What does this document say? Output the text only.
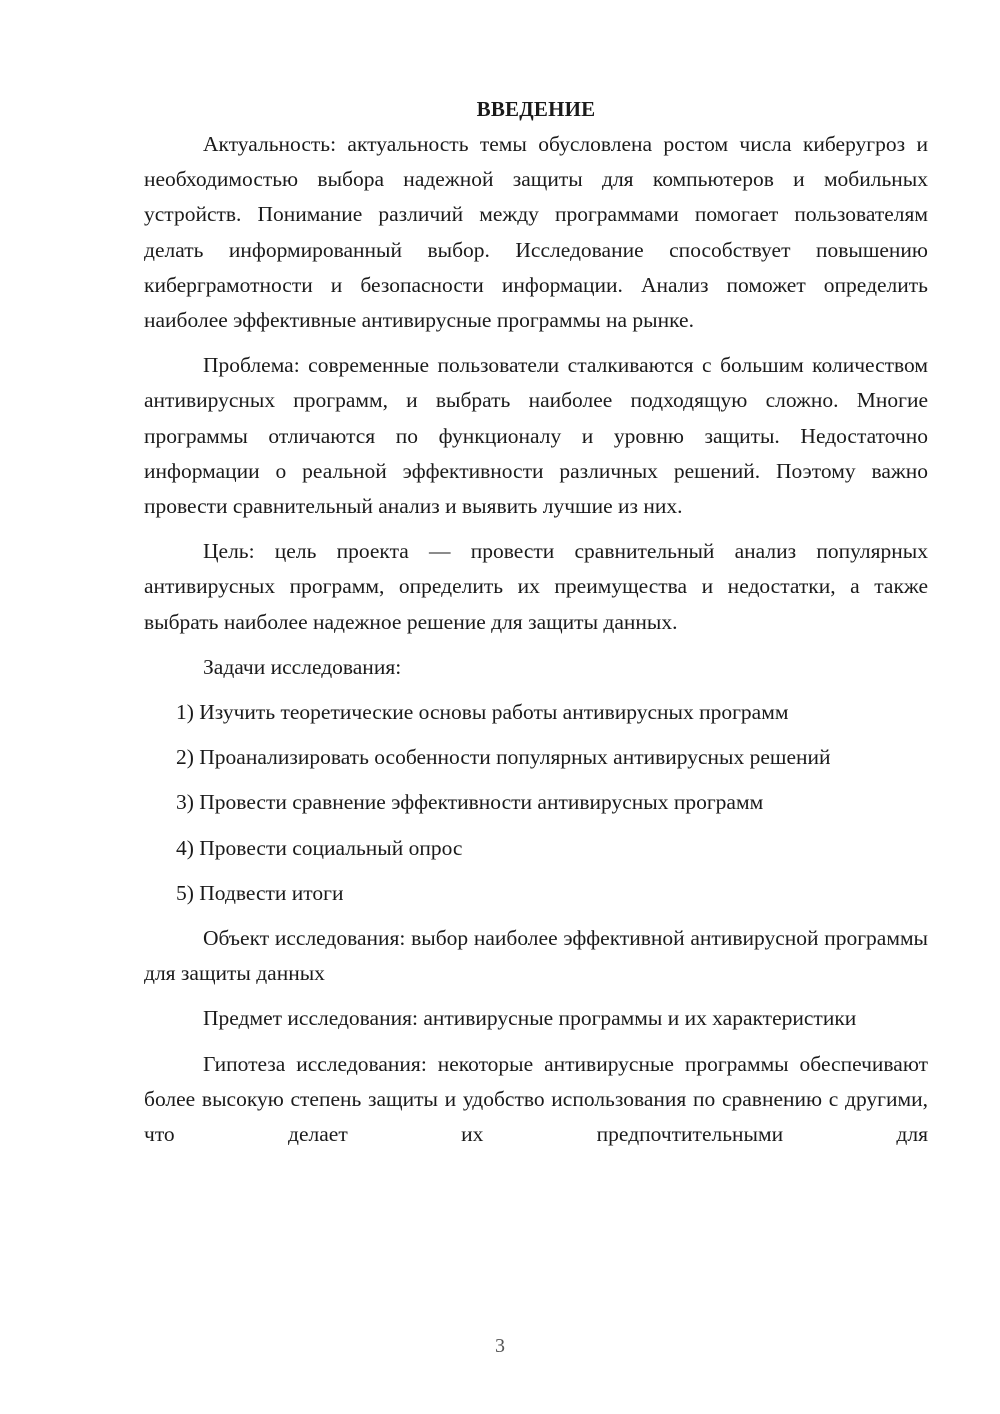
ВВЕДЕНИЕ

Актуальность: актуальность темы обусловлена ростом числа киберугроз и необходимостью выбора надежной защиты для компьютеров и мобильных устройств. Понимание различий между программами помогает пользователям делать информированный выбор. Исследование способствует повышению киберграмотности и безопасности информации. Анализ поможет определить наиболее эффективные антивирусные программы на рынке.

Проблема: современные пользователи сталкиваются с большим количеством антивирусных программ, и выбрать наиболее подходящую сложно. Многие программы отличаются по функционалу и уровню защиты. Недостаточно информации о реальной эффективности различных решений. Поэтому важно провести сравнительный анализ и выявить лучшие из них.

Цель: цель проекта — провести сравнительный анализ популярных антивирусных программ, определить их преимущества и недостатки, а также выбрать наиболее надежное решение для защиты данных.

Задачи исследования:

1) Изучить теоретические основы работы антивирусных программ

2) Проанализировать особенности популярных антивирусных решений

3) Провести сравнение эффективности антивирусных программ

4) Провести социальный опрос

5) Подвести итоги

Объект исследования: выбор наиболее эффективной антивирусной программы для защиты данных

Предмет исследования: антивирусные программы и их характеристики

Гипотеза исследования: некоторые антивирусные программы обеспечивают более высокую степень защиты и удобство использования по сравнению с другими, что делает их предпочтительными для

3
